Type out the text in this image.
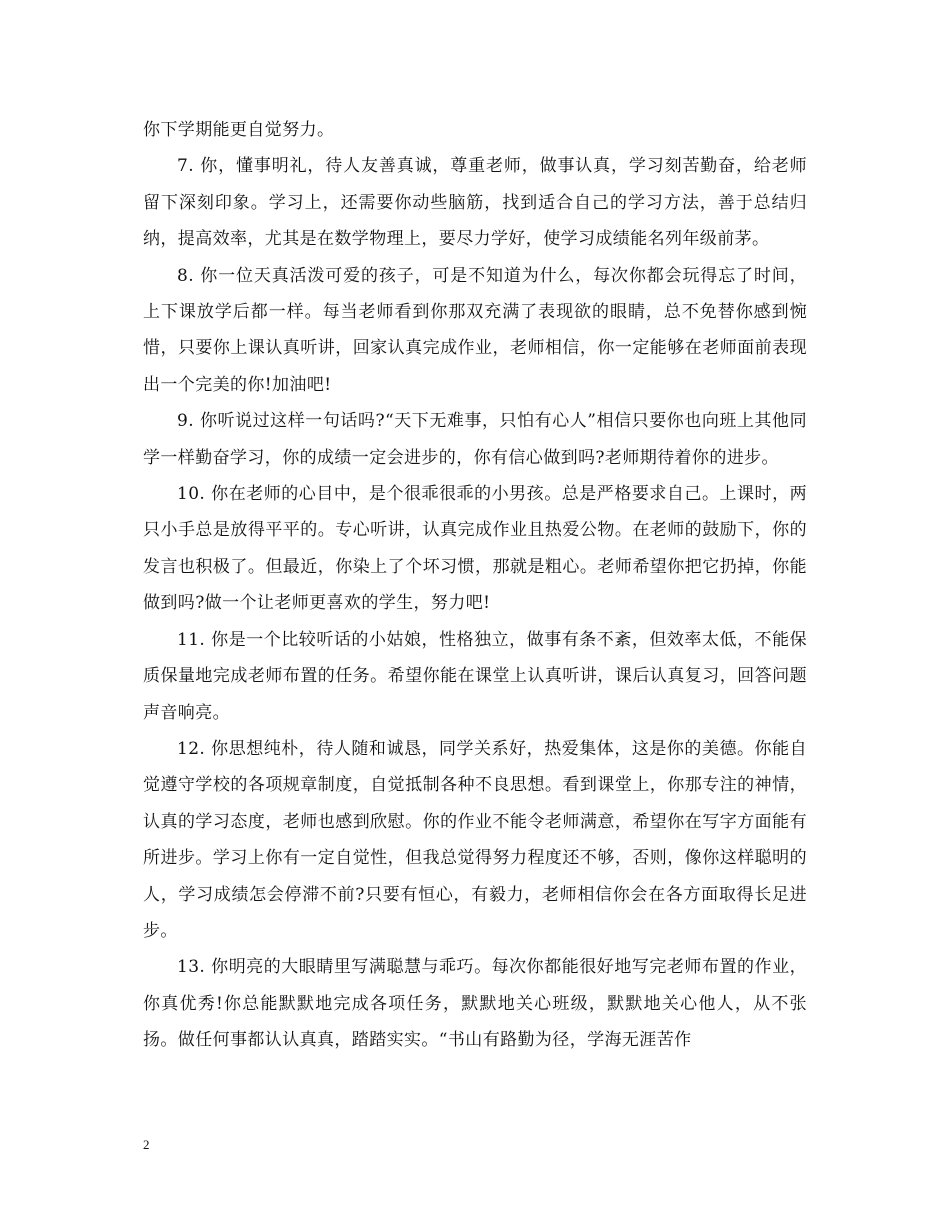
你下学期能更自觉努力。

7. 你，懂事明礼，待人友善真诚，尊重老师，做事认真，学习刻苦勤奋，给老师留下深刻印象。学习上，还需要你动些脑筋，找到适合自己的学习方法，善于总结归纳，提高效率，尤其是在数学物理上，要尽力学好，使学习成绩能名列年级前茅。

8. 你一位天真活泼可爱的孩子，可是不知道为什么，每次你都会玩得忘了时间，上下课放学后都一样。每当老师看到你那双充满了表现欲的眼睛，总不免替你感到惋惜，只要你上课认真听讲，回家认真完成作业，老师相信，你一定能够在老师面前表现出一个完美的你!加油吧!

9. 你听说过这样一句话吗?“天下无难事，只怕有心人”相信只要你也向班上其他同学一样勤奋学习，你的成绩一定会进步的，你有信心做到吗?老师期待着你的进步。

10. 你在老师的心目中，是个很乖很乖的小男孩。总是严格要求自己。上课时，两只小手总是放得平平的。专心听讲，认真完成作业且热爱公物。在老师的鼓励下，你的发言也积极了。但最近，你染上了个坏习惯，那就是粗心。老师希望你把它扔掉，你能做到吗?做一个让老师更喜欢的学生，努力吧!

11. 你是一个比较听话的小姑娘，性格独立，做事有条不紊，但效率太低，不能保质保量地完成老师布置的任务。希望你能在课堂上认真听讲，课后认真复习，回答问题声音响亮。

12. 你思想纯朴，待人随和诚恳，同学关系好，热爱集体，这是你的美德。你能自觉遵守学校的各项规章制度，自觉抵制各种不良思想。看到课堂上，你那专注的神情，认真的学习态度，老师也感到欣慰。你的作业不能令老师满意，希望你在写字方面能有所进步。学习上你有一定自觉性，但我总觉得努力程度还不够，否则，像你这样聪明的人，学习成绩怎会停滞不前?只要有恒心，有毅力，老师相信你会在各方面取得长足进步。

13. 你明亮的大眼睛里写满聪慧与乖巧。每次你都能很好地写完老师布置的作业，你真优秀!你总能默默地完成各项任务，默默地关心班级，默默地关心他人，从不张扬。做任何事都认认真真，踏踏实实。“书山有路勤为径，学海无涯苦作

2
